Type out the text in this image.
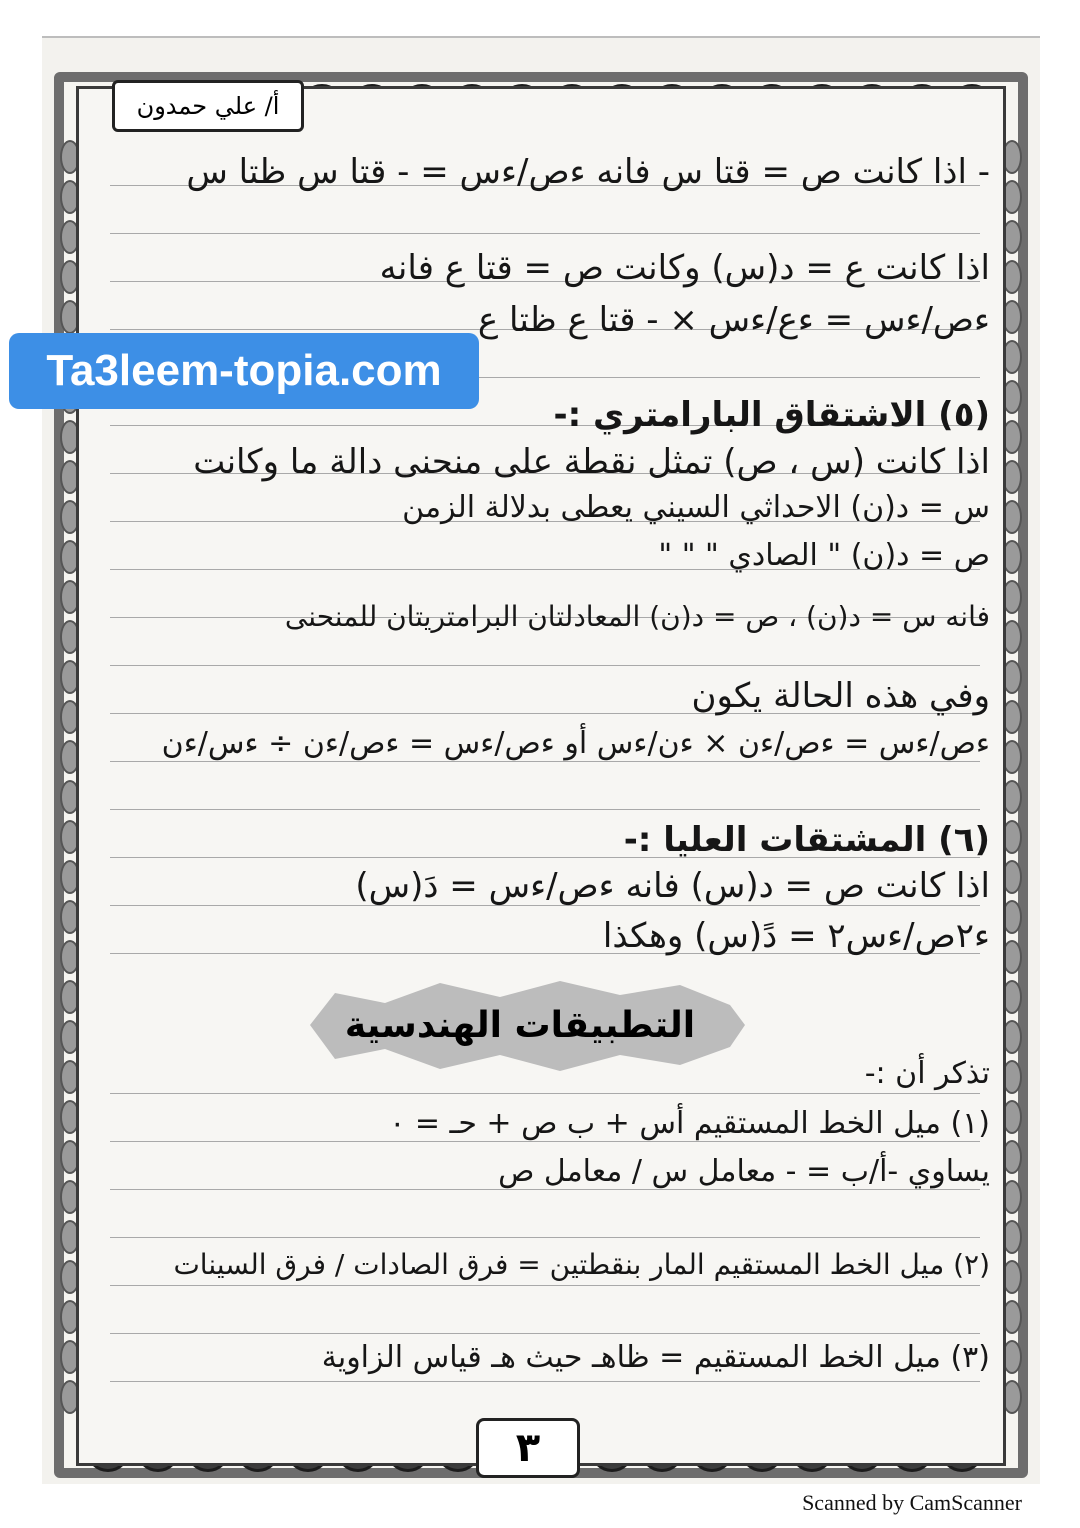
أ/ علي حمدون
- اذا كانت ص = قتا س فانه ءص/ءس = - قتا س ظتا س
اذا كانت ع = د(س) وكانت ص = قتا ع فانه
ءص/ءس = ءع/ءس × - قتا ع ظتا ع
(٥) الاشتقاق البارامتري :-
اذا كانت (س ، ص) تمثل نقطة على منحنى دالة ما وكانت
س = د(ن) الاحداثي السيني يعطى بدلالة الزمن
ص = د(ن) " الصادي " " "
فانه س = د(ن) ، ص = د(ن) المعادلتان البرامتريتان للمنحنى
وفي هذه الحالة يكون
ءص/ءس = ءص/ءن × ءن/ءس أو ءص/ءس = ءص/ءن ÷ ءس/ءن
(٦) المشتقات العليا :-
اذا كانت ص = د(س) فانه ءص/ءس = دَ(س)
ء٢ص/ءس٢ = دً(س) وهكذا
التطبيقات الهندسية
تذكر أن :-
(١) ميل الخط المستقيم أس + ب ص + حـ = ٠
يساوي -أ/ب = - معامل س / معامل ص
(٢) ميل الخط المستقيم المار بنقطتين = فرق الصادات / فرق السينات
(٣) ميل الخط المستقيم = ظاهـ حيث هـ قياس الزاوية
Ta3leem-topia.com
٣
Scanned by CamScanner
